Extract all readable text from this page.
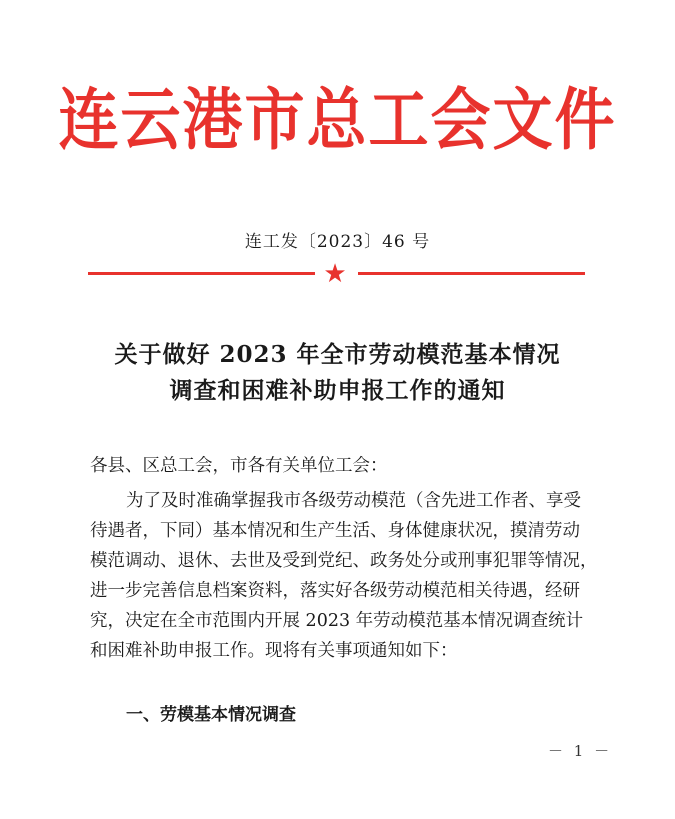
连云港市总工会文件
连工发〔2023〕46 号
★
关于做好 2023 年全市劳动模范基本情况
调查和困难补助申报工作的通知
各县、区总工会，市各有关单位工会：
为了及时准确掌握我市各级劳动模范（含先进工作者、享受
待遇者，下同）基本情况和生产生活、身体健康状况，摸清劳动
模范调动、退休、去世及受到党纪、政务处分或刑事犯罪等情况，
进一步完善信息档案资料，落实好各级劳动模范相关待遇，经研
究，决定在全市范围内开展 2023 年劳动模范基本情况调查统计
和困难补助申报工作。现将有关事项通知如下：
一、劳模基本情况调查
－ 1 －
